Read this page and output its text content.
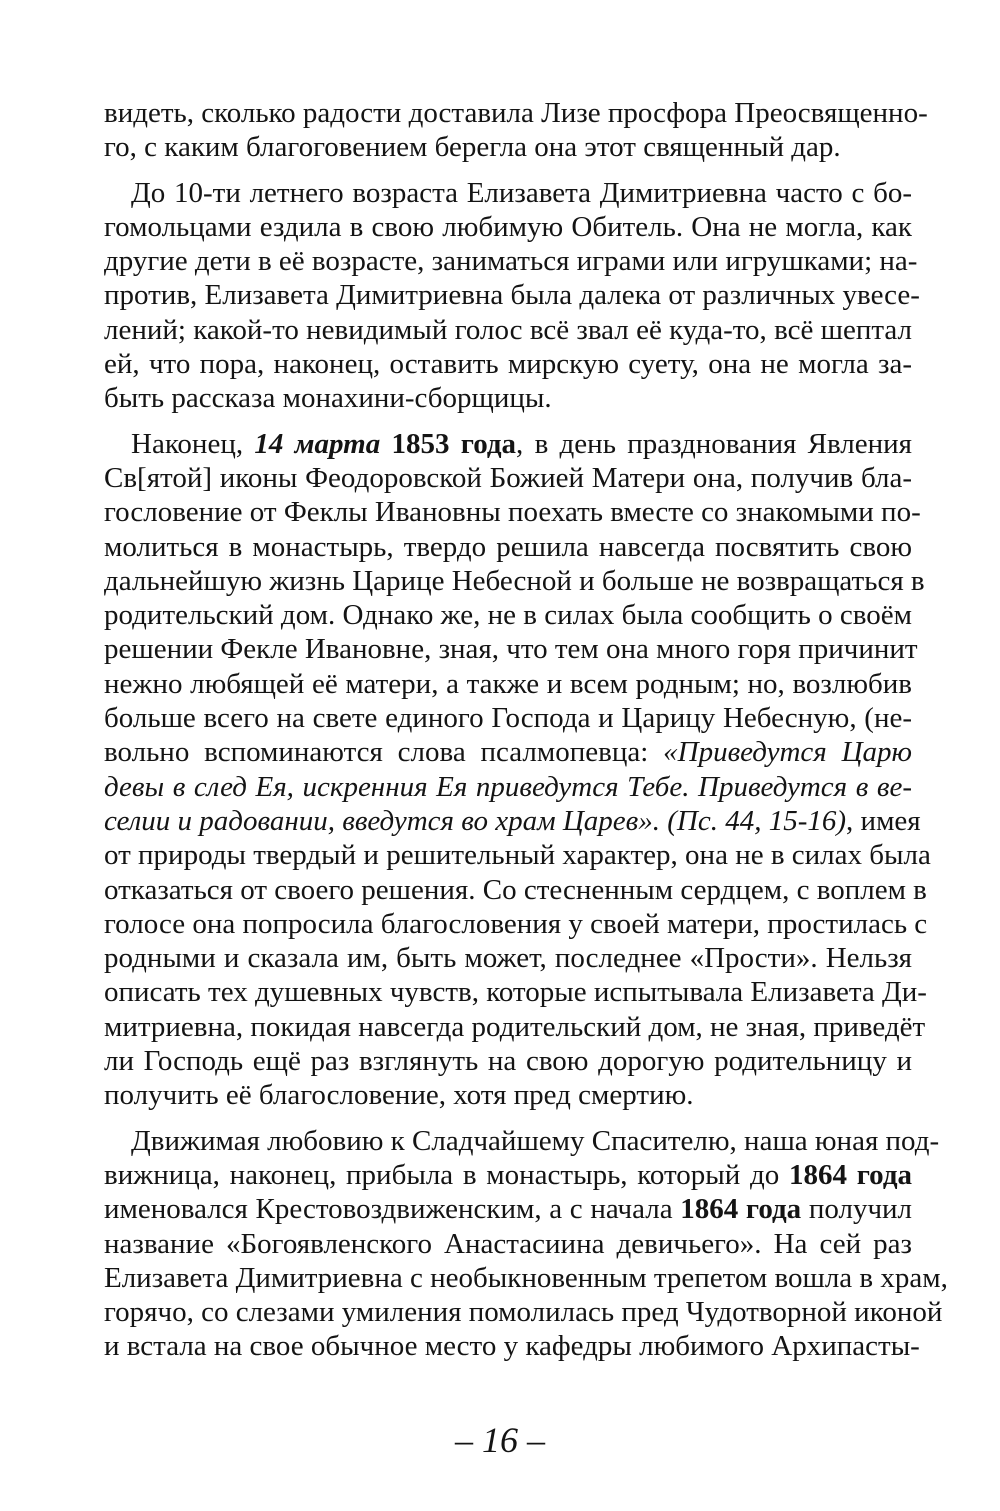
видеть, сколько радости доставила Лизе просфора Преосвященно-
го, с каким благоговением берегла она этот священный дар.
До 10-ти летнего возраста Елизавета Димитриевна часто с бо-
гомольцами ездила в свою любимую Обитель. Она не могла, как
другие дети в её возрасте, заниматься играми или игрушками; на-
против, Елизавета Димитриевна была далека от различных увесе-
лений; какой-то невидимый голос всё звал её куда-то, всё шептал
ей, что пора, наконец, оставить мирскую суету, она не могла за-
быть рассказа монахини-сборщицы.
Наконец, 14 марта 1853 года, в день празднования Явления
Св[ятой] иконы Феодоровской Божией Матери она, получив бла-
гословение от Феклы Ивановны поехать вместе со знакомыми по-
молиться в монастырь, твердо решила навсегда посвятить свою
дальнейшую жизнь Царице Небесной и больше не возвращаться в
родительский дом. Однако же, не в силах была сообщить о своём
решении Фекле Ивановне, зная, что тем она много горя причинит
нежно любящей её матери, а также и всем родным; но, возлюбив
больше всего на свете единого Господа и Царицу Небесную, (не-
вольно вспоминаются слова псалмопевца: «Приведутся Царю
девы в след Ея, искренния Ея приведутся Тебе. Приведутся в ве-
селии и радовании, введутся во храм Царев». (Пс. 44, 15-16), имея
от природы твердый и решительный характер, она не в силах была
отказаться от своего решения. Со стесненным сердцем, с воплем в
голосе она попросила благословения у своей матери, простилась с
родными и сказала им, быть может, последнее «Прости». Нельзя
описать тех душевных чувств, которые испытывала Елизавета Ди-
митриевна, покидая навсегда родительский дом, не зная, приведёт
ли Господь ещё раз взглянуть на свою дорогую родительницу и
получить её благословение, хотя пред смертию.
Движимая любовию к Сладчайшему Спасителю, наша юная под-
вижница, наконец, прибыла в монастырь, который до 1864 года
именовался Крестовоздвиженским, а с начала 1864 года получил
название «Богоявленского Анастасиина девичьего». На сей раз
Елизавета Димитриевна с необыкновенным трепетом вошла в храм,
горячо, со слезами умиления помолилась пред Чудотворной иконой
и встала на свое обычное место у кафедры любимого Архипасты-
– 16 –
